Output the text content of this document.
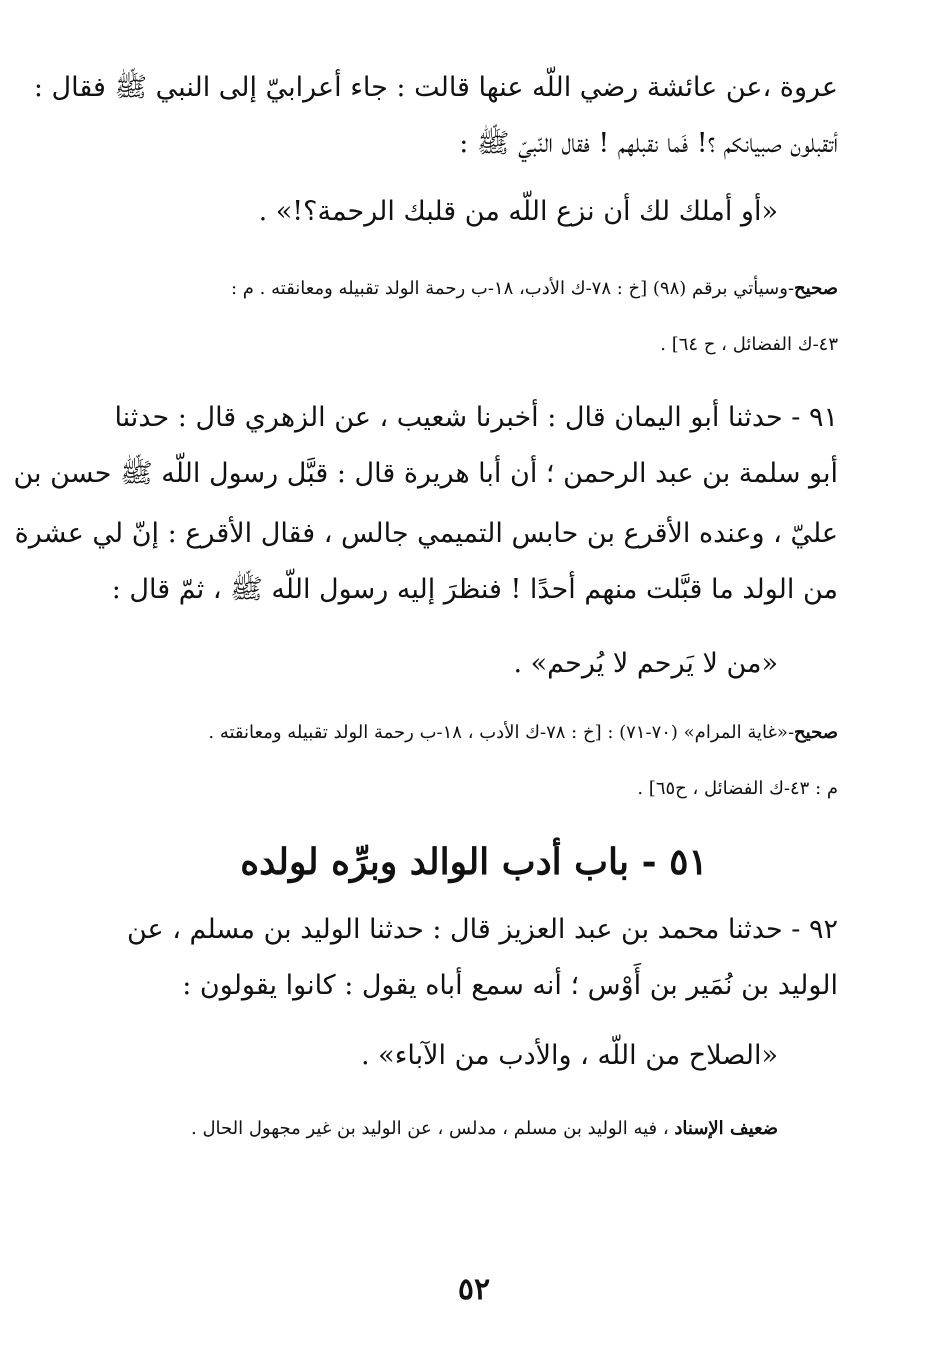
عروة ،عن عائشة رضي اللّه عنها قالت : جاء أعرابيّ إلى النبي ﷺ فقال :
أتقبلون صبيانكم ؟! فَما نقبلهم ! فقال النّبيّ ﷺ :
«أو أملك لك أن نزع اللّه من قلبك الرحمة؟!» .
صحيح-وسيأتي برقم (٩٨) [خ : ٧٨-ك الأدب، ١٨-ب رحمة الولد تقبيله ومعانقته . م :
٤٣-ك الفضائل ، ح ٦٤] .
٩١ - حدثنا أبو اليمان قال : أخبرنا شعيب ، عن الزهري قال : حدثنا
أبو سلمة بن عبد الرحمن ؛ أن أبا هريرة قال : قبَّل رسول اللّه ﷺ حسن بن
عليّ ، وعنده الأقرع بن حابس التميمي جالس ، فقال الأقرع : إنّ لي عشرة
من الولد ما قبَّلت منهم أحدًا ! فنظرَ إليه رسول اللّه ﷺ ، ثمّ قال :
«من لا يَرحم لا يُرحم» .
صحيح-«غاية المرام» (٧٠-٧١) : [خ : ٧٨-ك الأدب ، ١٨-ب رحمة الولد تقبيله ومعانقته .
م : ٤٣-ك الفضائل ، ح٦٥] .
٥١ - باب أدب الوالد وبرِّه لولده
٩٢ - حدثنا محمد بن عبد العزيز قال : حدثنا الوليد بن مسلم ، عن
الوليد بن نُمَير بن أَوْس ؛ أنه سمع أباه يقول : كانوا يقولون :
«الصلاح من اللّه ، والأدب من الآباء» .
ضعيف الإسناد ، فيه الوليد بن مسلم ، مدلس ، عن الوليد بن غير مجهول الحال .
٥٢
